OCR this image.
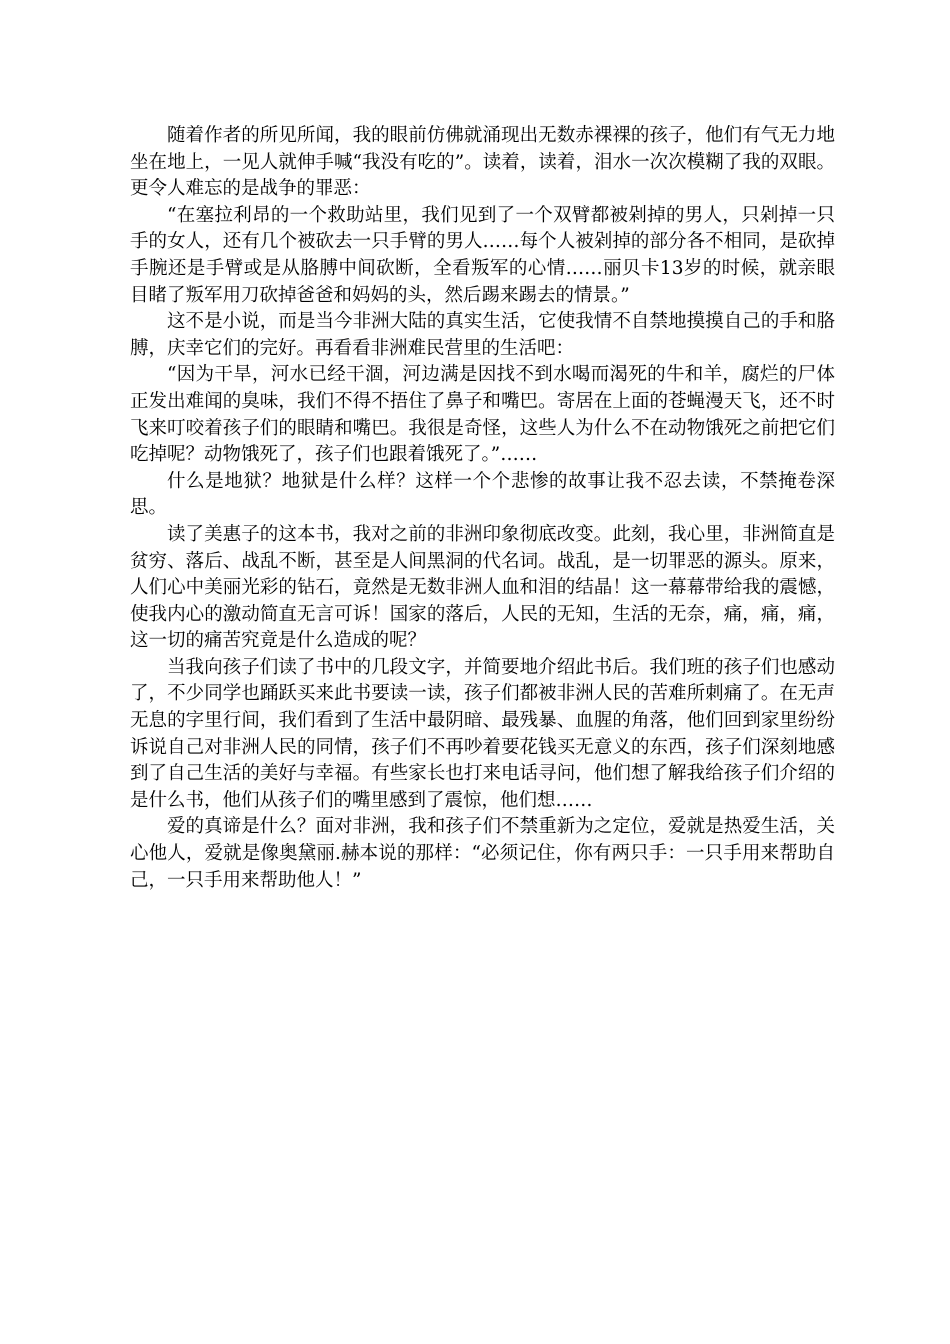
随着作者的所见所闻，我的眼前仿佛就涌现出无数赤裸裸的孩子，他们有气无力地坐在地上，一见人就伸手喊“我没有吃的”。读着，读着，泪水一次次模糊了我的双眼。更令人难忘的是战争的罪恶：

“在塞拉利昂的一个救助站里，我们见到了一个双臂都被剁掉的男人，只剁掉一只手的女人，还有几个被砍去一只手臂的男人……每个人被剁掉的部分各不相同，是砍掉手腕还是手臂或是从胳膊中间砍断，全看叛军的心情……丽贝卡13岁的时候，就亲眼目睹了叛军用刀砍掉爸爸和妈妈的头，然后踢来踢去的情景。”

这不是小说，而是当今非洲大陆的真实生活，它使我情不自禁地摸摸自己的手和胳膊，庆幸它们的完好。再看看非洲难民营里的生活吧：

“因为干旱，河水已经干涸，河边满是因找不到水喝而渴死的牛和羊，腐烂的尸体正发出难闻的臭味，我们不得不捂住了鼻子和嘴巴。寄居在上面的苍蝇漫天飞，还不时飞来叮咬着孩子们的眼睛和嘴巴。我很是奇怪，这些人为什么不在动物饿死之前把它们吃掉呢？动物饿死了，孩子们也跟着饿死了。”……

什么是地狱？地狱是什么样？这样一个个悲惨的故事让我不忍去读，不禁掩卷深思。

读了美惠子的这本书，我对之前的非洲印象彻底改变。此刻，我心里，非洲简直是贫穷、落后、战乱不断，甚至是人间黑洞的代名词。战乱，是一切罪恶的源头。原来，人们心中美丽光彩的钻石，竟然是无数非洲人血和泪的结晶！这一幕幕带给我的震憾，使我内心的激动简直无言可诉！国家的落后，人民的无知，生活的无奈，痛，痛，痛，这一切的痛苦究竟是什么造成的呢？

当我向孩子们读了书中的几段文字，并简要地介绍此书后。我们班的孩子们也感动了，不少同学也踊跃买来此书要读一读，孩子们都被非洲人民的苦难所刺痛了。在无声无息的字里行间，我们看到了生活中最阴暗、最残暴、血腥的角落，他们回到家里纷纷诉说自己对非洲人民的同情，孩子们不再吵着要花钱买无意义的东西，孩子们深刻地感到了自己生活的美好与幸福。有些家长也打来电话寻问，他们想了解我给孩子们介绍的是什么书，他们从孩子们的嘴里感到了震惊，他们想……

爱的真谛是什么？面对非洲，我和孩子们不禁重新为之定位，爱就是热爱生活，关心他人，爱就是像奥黛丽.赫本说的那样：“必须记住，你有两只手：一只手用来帮助自己，一只手用来帮助他人！”
